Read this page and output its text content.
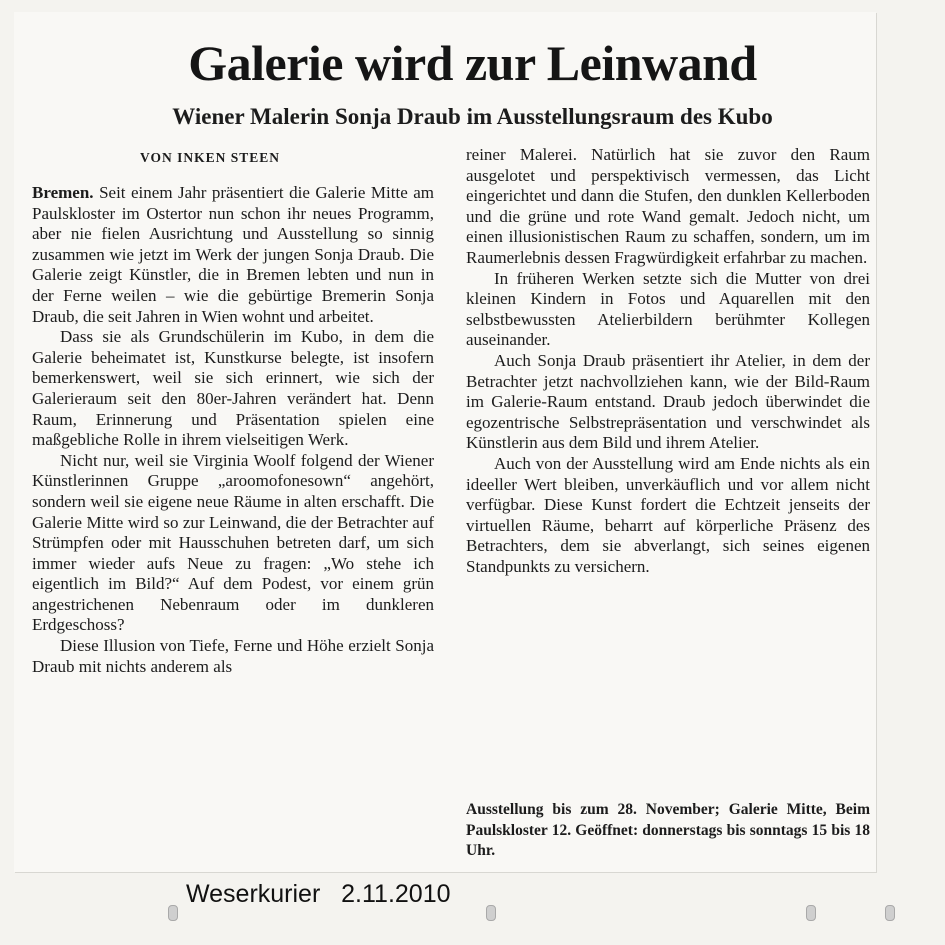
Galerie wird zur Leinwand
Wiener Malerin Sonja Draub im Ausstellungsraum des Kubo
VON INKEN STEEN

Bremen. Seit einem Jahr präsentiert die Galerie Mitte am Paulskloster im Ostertor nun schon ihr neues Programm, aber nie fielen Ausrichtung und Ausstellung so sinnig zusammen wie jetzt im Werk der jungen Sonja Draub. Die Galerie zeigt Künstler, die in Bremen lebten und nun in der Ferne weilen – wie die gebürtige Bremerin Sonja Draub, die seit Jahren in Wien wohnt und arbeitet.

Dass sie als Grundschülerin im Kubo, in dem die Galerie beheimatet ist, Kunstkurse belegte, ist insofern bemerkenswert, weil sie sich erinnert, wie sich der Galerieraum seit den 80er-Jahren verändert hat. Denn Raum, Erinnerung und Präsentation spielen eine maßgebliche Rolle in ihrem vielseitigen Werk.

Nicht nur, weil sie Virginia Woolf folgend der Wiener Künstlerinnen Gruppe „aroomofonesown“ angehört, sondern weil sie eigene neue Räume in alten erschafft. Die Galerie Mitte wird so zur Leinwand, die der Betrachter auf Strümpfen oder mit Hausschuhen betreten darf, um sich immer wieder aufs Neue zu fragen: „Wo stehe ich eigentlich im Bild?“ Auf dem Podest, vor einem grün angestrichenen Nebenraum oder im dunkleren Erdgeschoss?

Diese Illusion von Tiefe, Ferne und Höhe erzielt Sonja Draub mit nichts anderem als

reiner Malerei. Natürlich hat sie zuvor den Raum ausgelotet und perspektivisch vermessen, das Licht eingerichtet und dann die Stufen, den dunklen Kellerboden und die grüne und rote Wand gemalt. Jedoch nicht, um einen illusionistischen Raum zu schaffen, sondern, um im Raumerlebnis dessen Fragwürdigkeit erfahrbar zu machen.

In früheren Werken setzte sich die Mutter von drei kleinen Kindern in Fotos und Aquarellen mit den selbstbewussten Atelierbildern berühmter Kollegen auseinander.

Auch Sonja Draub präsentiert ihr Atelier, in dem der Betrachter jetzt nachvollziehen kann, wie der Bild-Raum im Galerie-Raum entstand. Draub jedoch überwindet die egozentrische Selbstrepräsentation und verschwindet als Künstlerin aus dem Bild und ihrem Atelier.

Auch von der Ausstellung wird am Ende nichts als ein ideeller Wert bleiben, unverkäuflich und vor allem nicht verfügbar. Diese Kunst fordert die Echtzeit jenseits der virtuellen Räume, beharrt auf körperliche Präsenz des Betrachters, dem sie abverlangt, sich seines eigenen Standpunkts zu versichern.

Ausstellung bis zum 28. November; Galerie Mitte, Beim Paulskloster 12. Geöffnet: donnerstags bis sonntags 15 bis 18 Uhr.

Weserkurier 2.11.2010
